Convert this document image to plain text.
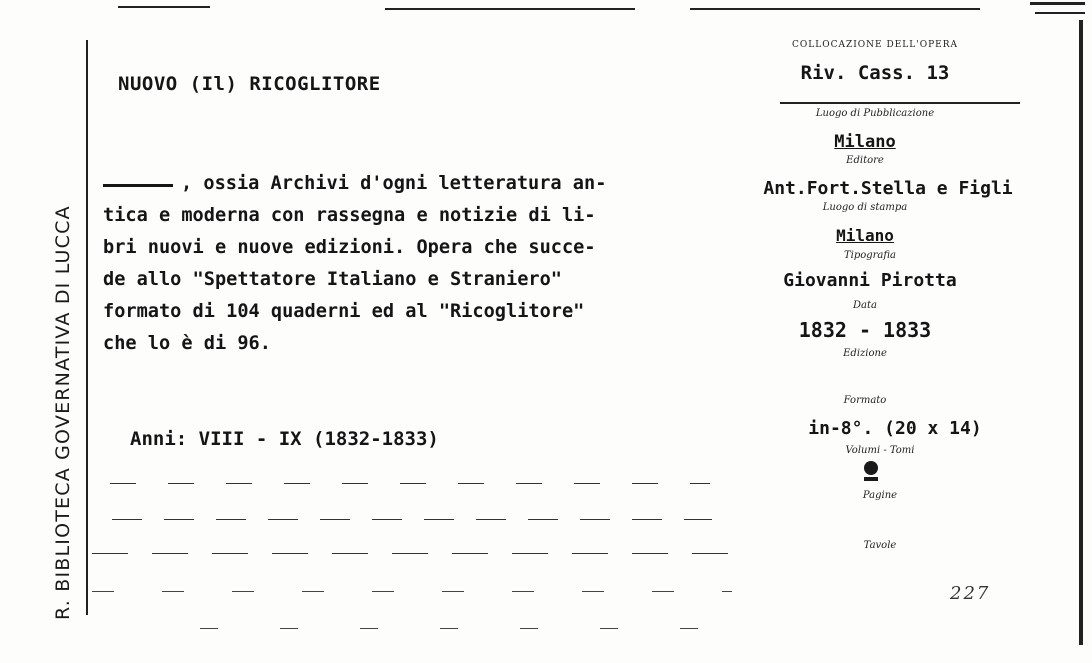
R. BIBLIOTECA GOVERNATIVA DI LUCCA
NUOVO (Il) RICOGLITORE
, ossia Archivi d'ogni letteratura an-
tica e moderna con rassegna e notizie di li-
bri nuovi e nuove edizioni. Opera che succe-
de allo "Spettatore Italiano e Straniero"
formato di 104 quaderni ed al "Ricoglitore"
che lo è di 96.
Anni: VIII - IX (1832-1833)
COLLOCAZIONE DELL'OPERA
Riv. Cass. 13
Luogo di Pubblicazione
Milano
Editore
Ant.Fort.Stella e Figli
Luogo di stampa
Milano
Tipografia
Giovanni Pirotta
Data
1832 - 1833
Edizione
Formato
in-8°. (20 x 14)
Volumi - Tomi
Pagine
Tavole
227
